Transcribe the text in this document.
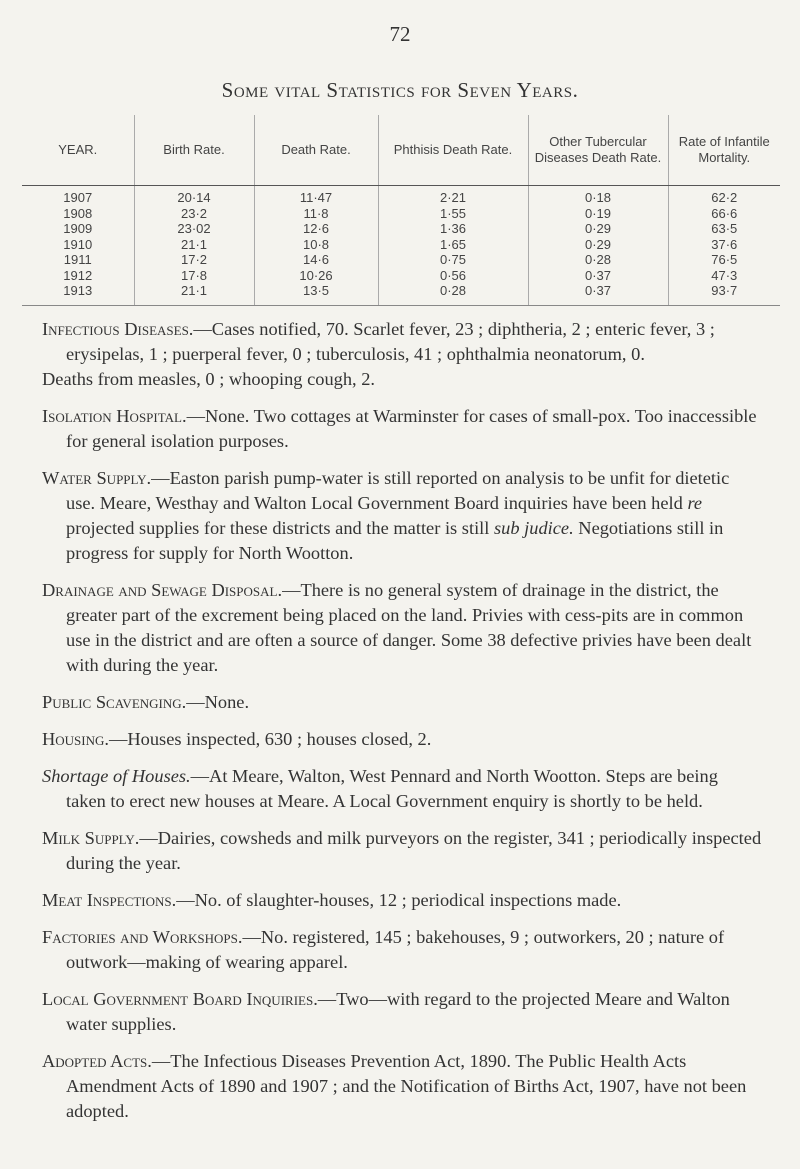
72
Some vital Statistics for Seven Years.
YEAR.	Birth Rate.	Death Rate.	Phthisis Death Rate.	Other Tubercular Diseases Death Rate.	Rate of Infantile Mortality.
1907	20·14	11·47	2·21	0·18	62·2
1908	23·2	11·8	1·55	0·19	66·6
1909	23·02	12·6	1·36	0·29	63·5
1910	21·1	10·8	1·65	0·29	37·6
1911	17·2	14·6	0·75	0·28	76·5
1912	17·8	10·26	0·56	0·37	47·3
1913	21·1	13·5	0·28	0·37	93·7

Infectious Diseases.—Cases notified, 70. Scarlet fever, 23 ; diphtheria, 2 ; enteric fever, 3 ; erysipelas, 1 ; puerperal fever, 0 ; tuberculosis, 41 ; ophthalmia neonatorum, 0.

Deaths from measles, 0 ; whooping cough, 2.

Isolation Hospital.—None. Two cottages at Warminster for cases of small-pox. Too inaccessible for general isolation purposes.

Water Supply.—Easton parish pump-water is still reported on analysis to be unfit for dietetic use. Meare, Westhay and Walton Local Government Board inquiries have been held re projected supplies for these districts and the matter is still sub judice. Negotiations still in progress for supply for North Wootton.

Drainage and Sewage Disposal.—There is no general system of drainage in the district, the greater part of the excrement being placed on the land. Privies with cess-pits are in common use in the district and are often a source of danger. Some 38 defective privies have been dealt with during the year.

Public Scavenging.—None.

Housing.—Houses inspected, 630 ; houses closed, 2.

Shortage of Houses.—At Meare, Walton, West Pennard and North Wootton. Steps are being taken to erect new houses at Meare. A Local Government enquiry is shortly to be held.

Milk Supply.—Dairies, cowsheds and milk purveyors on the register, 341 ; periodically inspected during the year.

Meat Inspections.—No. of slaughter-houses, 12 ; periodical inspections made.

Factories and Workshops.—No. registered, 145 ; bakehouses, 9 ; outworkers, 20 ; nature of outwork—making of wearing apparel.

Local Government Board Inquiries.—Two—with regard to the projected Meare and Walton water supplies.

Adopted Acts.—The Infectious Diseases Prevention Act, 1890. The Public Health Acts Amendment Acts of 1890 and 1907 ; and the Notification of Births Act, 1907, have not been adopted.
